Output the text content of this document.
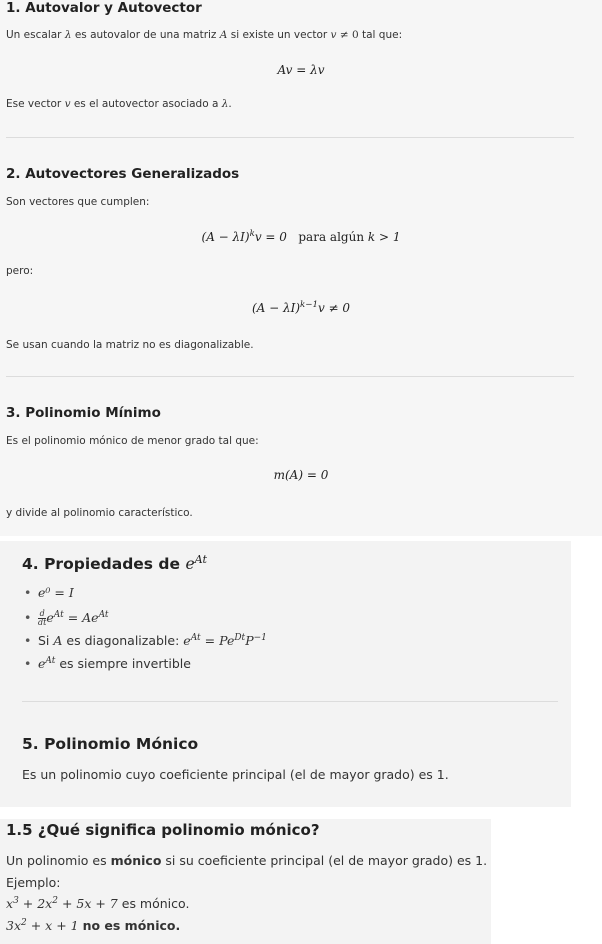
1. Autovalor y Autovector
Un escalar λ es autovalor de una matriz A si existe un vector v ≠ 0 tal que:
Av = λv
Ese vector v es el autovector asociado a λ.
2. Autovectores Generalizados
Son vectores que cumplen:
$(A - \lambda I)^kv = 0$ para algún k > 1
pero:
$(A - \lambda I)^{k-1}v \ne 0$
Se usan cuando la matriz no es diagonalizable.
3. Polinomio Mínimo
Es el polinomio mónico de menor grado tal que:
m(A) = 0
y divide al polinomio característico.
4. Propiedades de $e^{At}$
• e⁰ = I
• $\frac{d}{dt} e^{At} = Ae^{At}$
• Si A es diagonalizable: $e^{At} = Pe^{Dt}P^{-1}$
• $e^{At}$ es siempre invertible
5. Polinomio Mónico
Es un polinomio cuyo coeficiente principal (el de mayor grado) es 1.
1.5 ¿Qué significa polinomio mónico?
Un polinomio es mónico si su coeficiente principal (el de mayor grado) es 1.
Ejemplo:
$x^3 + 2x^2 + 5x + 7$ es mónico.
$3x^2 + x + 1$ no es mónico.
